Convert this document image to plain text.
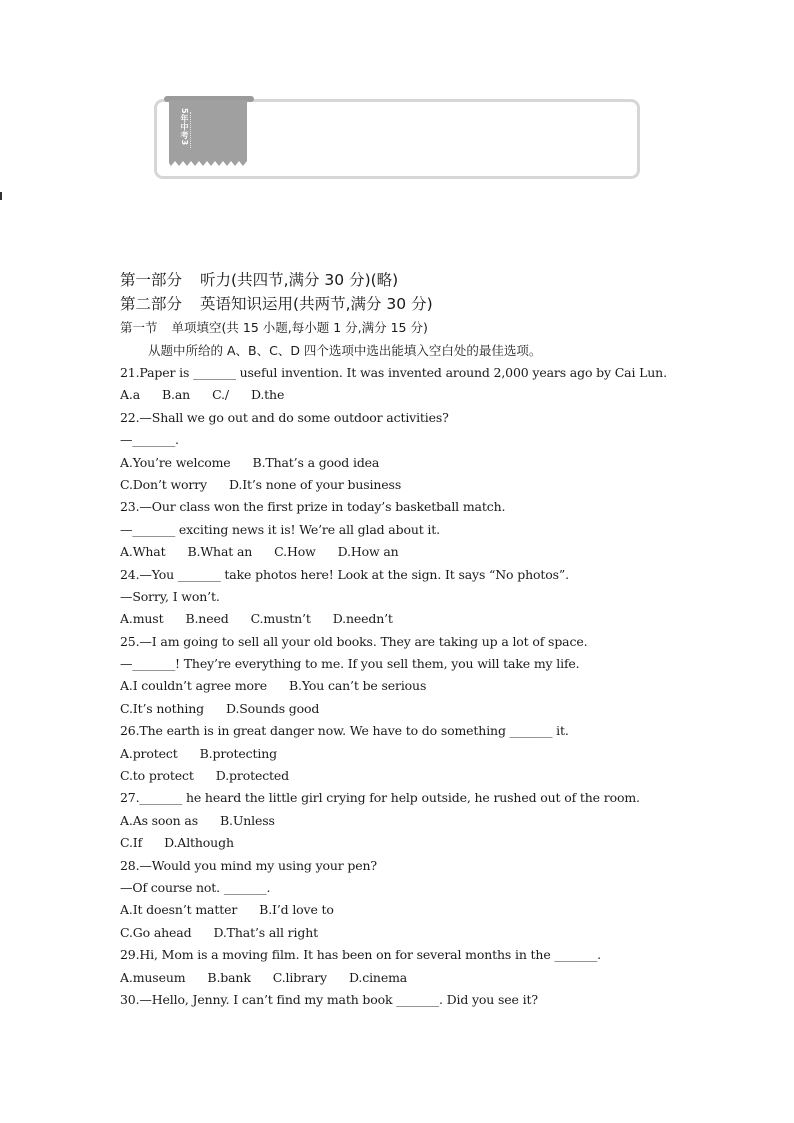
5年中考3
第一部分 听力(共四节,满分 30 分)(略)
第二部分 英语知识运用(共两节,满分 30 分)
第一节 单项填空(共 15 小题,每小题 1 分,满分 15 分)
从题中所给的 A、B、C、D 四个选项中选出能填入空白处的最佳选项。
21.Paper is _______ useful invention. It was invented around 2,000 years ago by Cai Lun.
A.a B.an C./ D.the
22.—Shall we go out and do some outdoor activities?
—_______.
A.You’re welcome B.That’s a good idea
C.Don’t worry D.It’s none of your business
23.—Our class won the first prize in today’s basketball match.
—_______ exciting news it is! We’re all glad about it.
A.What B.What an C.How D.How an
24.—You _______ take photos here! Look at the sign. It says “No photos”.
—Sorry, I won’t.
A.must B.need C.mustn’t D.needn’t
25.—I am going to sell all your old books. They are taking up a lot of space.
—_______! They’re everything to me. If you sell them, you will take my life.
A.I couldn’t agree more B.You can’t be serious
C.It’s nothing D.Sounds good
26.The earth is in great danger now. We have to do something _______ it.
A.protect B.protecting
C.to protect D.protected
27._______ he heard the little girl crying for help outside, he rushed out of the room.
A.As soon as B.Unless
C.If D.Although
28.—Would you mind my using your pen?
—Of course not. _______.
A.It doesn’t matter B.I’d love to
C.Go ahead D.That’s all right
29.Hi, Mom is a moving film. It has been on for several months in the _______.
A.museum B.bank C.library D.cinema
30.—Hello, Jenny. I can’t find my math book _______. Did you see it?
